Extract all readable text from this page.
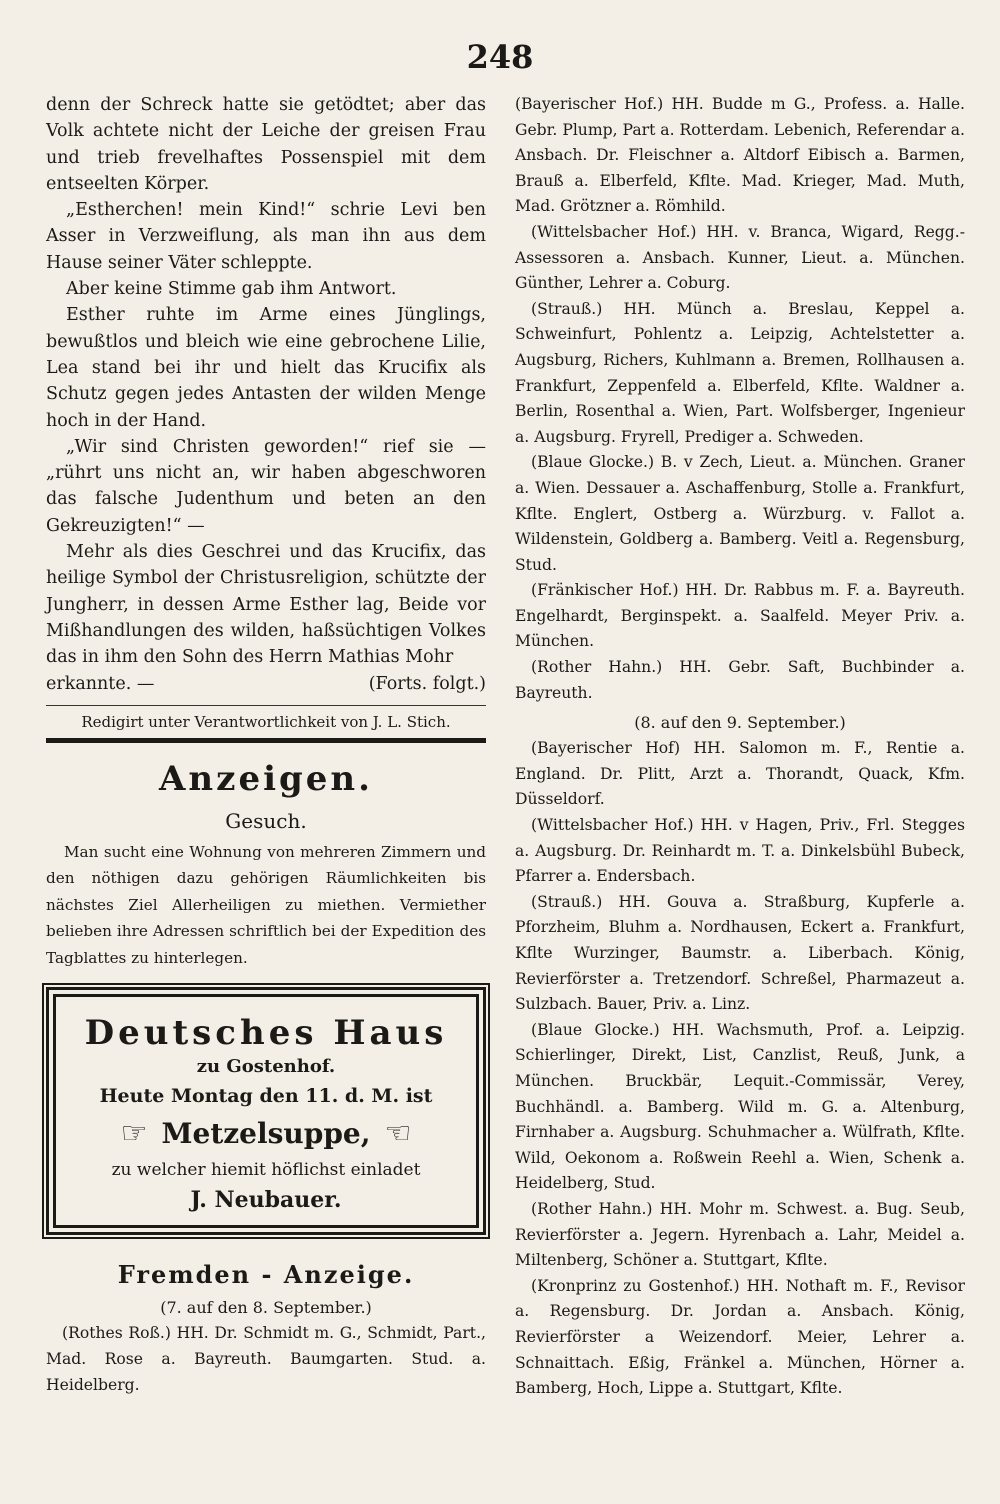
248

denn der Schreck hatte sie getödtet; aber das Volk achtete nicht der Leiche der greisen Frau und trieb frevelhaftes Possenspiel mit dem entseelten Körper.

„Estherchen! mein Kind!“ schrie Levi ben Asser in Verzweiflung, als man ihn aus dem Hause seiner Väter schleppte.

Aber keine Stimme gab ihm Antwort.

Esther ruhte im Arme eines Jünglings, bewußtlos und bleich wie eine gebrochene Lilie, Lea stand bei ihr und hielt das Krucifix als Schutz gegen jedes Antasten der wilden Menge hoch in der Hand.

„Wir sind Christen geworden!“ rief sie — „rührt uns nicht an, wir haben abgeschworen das falsche Judenthum und beten an den Gekreuzigten!“ —

Mehr als dies Geschrei und das Krucifix, das heilige Symbol der Christusreligion, schützte der Jungherr, in dessen Arme Esther lag, Beide vor Mißhandlungen des wilden, haßsüchtigen Volkes das in ihm den Sohn des Herrn Mathias Mohr

erkannte. —	(Forts. folgt.)

Redigirt unter Verantwortlichkeit von J. L. Stich.
Anzeigen.
Gesuch.

Man sucht eine Wohnung von mehreren Zimmern und den nöthigen dazu gehörigen Räumlichkeiten bis nächstes Ziel Allerheiligen zu miethen. Vermiether belieben ihre Adressen schriftlich bei der Expedition des Tagblattes zu hinterlegen.

Deutsches Haus
zu Gostenhof.
Heute Montag den 11. d. M. ist
☞ Metzelsuppe, ☜
zu welcher hiemit höflichst einladet
J. Neubauer.
Fremden - Anzeige.
(7. auf den 8. September.)

(Rothes Roß.) HH. Dr. Schmidt m. G., Schmidt, Part., Mad. Rose a. Bayreuth. Baumgarten. Stud. a. Heidelberg.

(Bayerischer Hof.) HH. Budde m G., Profess. a. Halle. Gebr. Plump, Part a. Rotterdam. Lebenich, Referendar a. Ansbach. Dr. Fleischner a. Altdorf Eibisch a. Barmen, Brauß a. Elberfeld, Kflte. Mad. Krieger, Mad. Muth, Mad. Grötzner a. Römhild.

(Wittelsbacher Hof.) HH. v. Branca, Wigard, Regg.-Assessoren a. Ansbach. Kunner, Lieut. a. München. Günther, Lehrer a. Coburg.

(Strauß.) HH. Münch a. Breslau, Keppel a. Schweinfurt, Pohlentz a. Leipzig, Achtelstetter a. Augsburg, Richers, Kuhlmann a. Bremen, Rollhausen a. Frankfurt, Zeppenfeld a. Elberfeld, Kflte. Waldner a. Berlin, Rosenthal a. Wien, Part. Wolfsberger, Ingenieur a. Augsburg. Fryrell, Prediger a. Schweden.

(Blaue Glocke.) B. v Zech, Lieut. a. München. Graner a. Wien. Dessauer a. Aschaffenburg, Stolle a. Frankfurt, Kflte. Englert, Ostberg a. Würzburg. v. Fallot a. Wildenstein, Goldberg a. Bamberg. Veitl a. Regensburg, Stud.

(Fränkischer Hof.) HH. Dr. Rabbus m. F. a. Bayreuth. Engelhardt, Berginspekt. a. Saalfeld. Meyer Priv. a. München.

(Rother Hahn.) HH. Gebr. Saft, Buchbinder a. Bayreuth.

(8. auf den 9. September.)

(Bayerischer Hof) HH. Salomon m. F., Rentie a. England. Dr. Plitt, Arzt a. Thorandt, Quack, Kfm. Düsseldorf.

(Wittelsbacher Hof.) HH. v Hagen, Priv., Frl. Stegges a. Augsburg. Dr. Reinhardt m. T. a. Dinkelsbühl Bubeck, Pfarrer a. Endersbach.

(Strauß.) HH. Gouva a. Straßburg, Kupferle a. Pforzheim, Bluhm a. Nordhausen, Eckert a. Frankfurt, Kflte Wurzinger, Baumstr. a. Liberbach. König, Revierförster a. Tretzendorf. Schreßel, Pharmazeut a. Sulzbach. Bauer, Priv. a. Linz.

(Blaue Glocke.) HH. Wachsmuth, Prof. a. Leipzig. Schierlinger, Direkt, List, Canzlist, Reuß, Junk, a München. Bruckbär, Lequit.-Commissär, Verey, Buchhändl. a. Bamberg. Wild m. G. a. Altenburg, Firnhaber a. Augsburg. Schuhmacher a. Wülfrath, Kflte. Wild, Oekonom a. Roßwein Reehl a. Wien, Schenk a. Heidelberg, Stud.

(Rother Hahn.) HH. Mohr m. Schwest. a. Bug. Seub, Revierförster a. Jegern. Hyrenbach a. Lahr, Meidel a. Miltenberg, Schöner a. Stuttgart, Kflte.

(Kronprinz zu Gostenhof.) HH. Nothaft m. F., Revisor a. Regensburg. Dr. Jordan a. Ansbach. König, Revierförster a Weizendorf. Meier, Lehrer a. Schnaittach. Eßig, Fränkel a. München, Hörner a. Bamberg, Hoch, Lippe a. Stuttgart, Kflte.
